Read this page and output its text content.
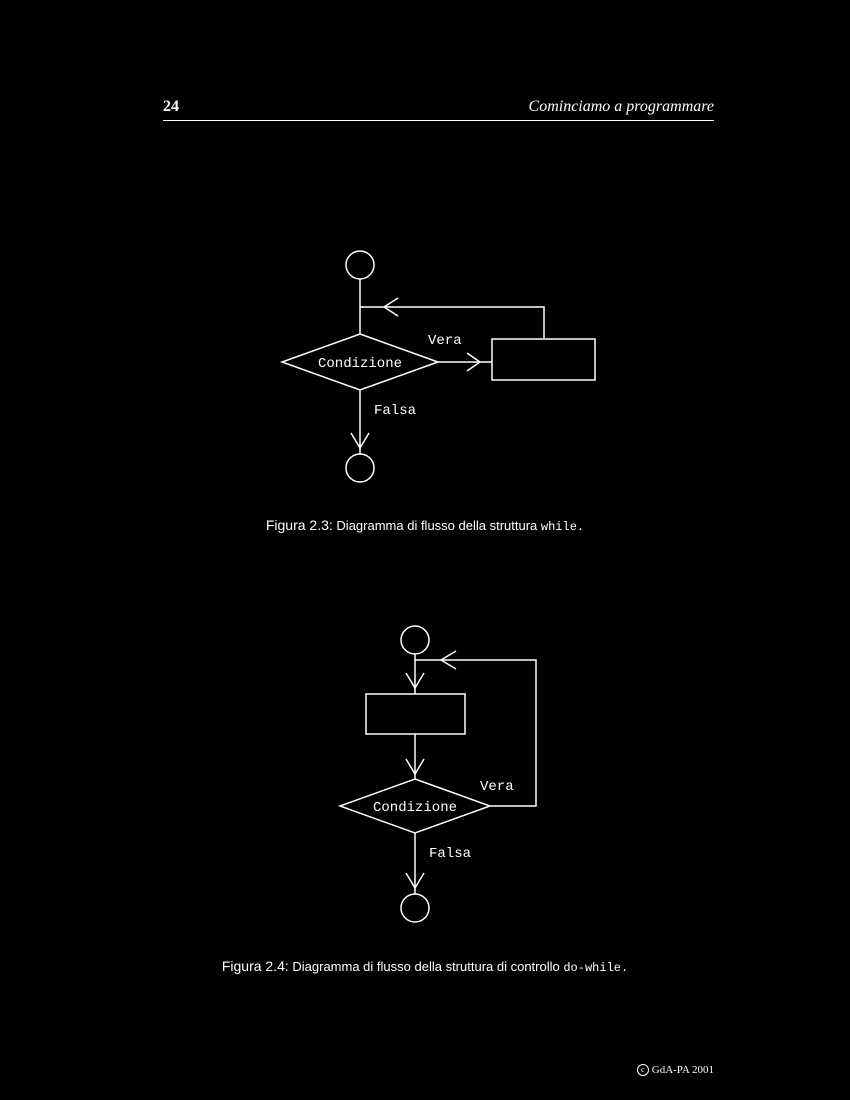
24	Cominciamo a programmare
Condizione
Vera
Falsa
Figura 2.3: Diagramma di flusso della struttura while.
Condizione
Vera
Falsa
Figura 2.4: Diagramma di flusso della struttura di controllo do-while.
c GdA-PA 2001
